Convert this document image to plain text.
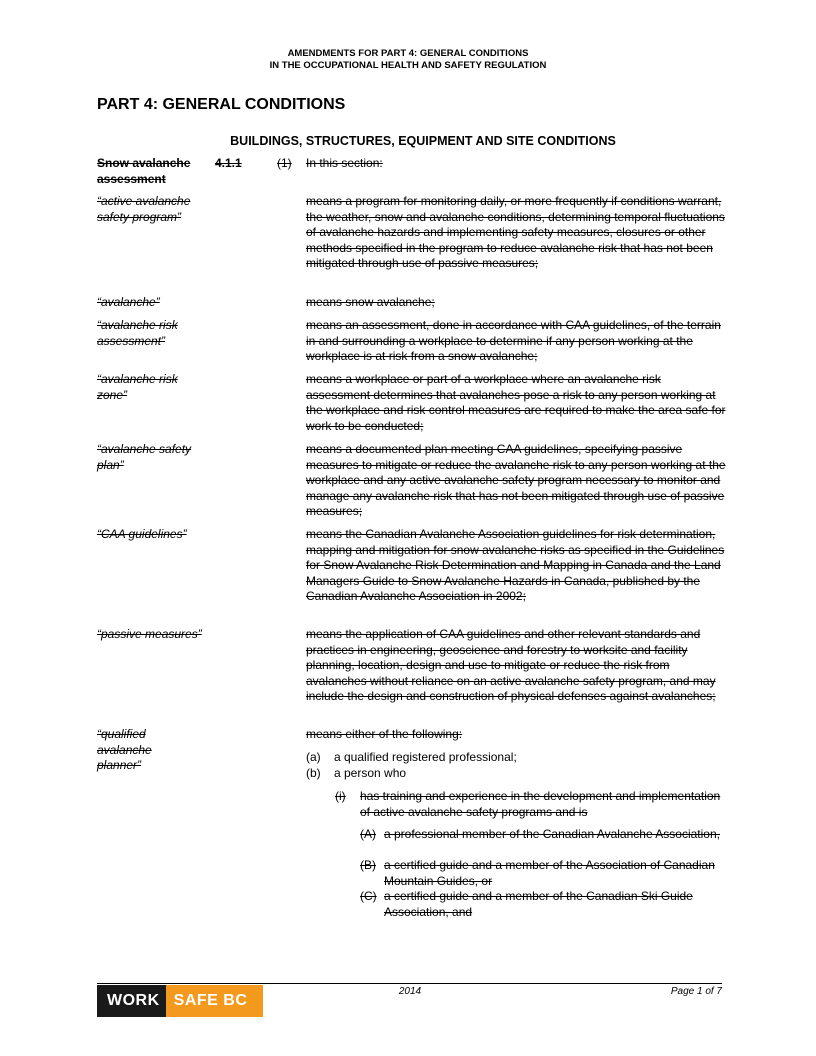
AMENDMENTS FOR PART 4: GENERAL CONDITIONS
IN THE OCCUPATIONAL HEALTH AND SAFETY REGULATION
PART 4: GENERAL CONDITIONS
BUILDINGS, STRUCTURES, EQUIPMENT AND SITE CONDITIONS
Snow avalanche assessment
4.1.1	(1) In this section:
“active avalanche safety program”
means a program for monitoring daily, or more frequently if conditions warrant, the weather, snow and avalanche conditions, determining temporal fluctuations of avalanche hazards and implementing safety measures, closures or other methods specified in the program to reduce avalanche risk that has not been mitigated through use of passive measures;
“avalanche”	means snow avalanche;
“avalanche risk assessment”
means an assessment, done in accordance with CAA guidelines, of the terrain in and surrounding a workplace to determine if any person working at the workplace is at risk from a snow avalanche;
“avalanche risk zone”
means a workplace or part of a workplace where an avalanche risk assessment determines that avalanches pose a risk to any person working at the workplace and risk control measures are required to make the area safe for work to be conducted;
“avalanche safety plan”
means a documented plan meeting CAA guidelines, specifying passive measures to mitigate or reduce the avalanche risk to any person working at the workplace and any active avalanche safety program necessary to monitor and manage any avalanche risk that has not been mitigated through use of passive measures;
“CAA guidelines”	means the Canadian Avalanche Association guidelines for risk determination, mapping and mitigation for snow avalanche risks as specified in the Guidelines for Snow Avalanche Risk Determination and Mapping in Canada and the Land Managers Guide to Snow Avalanche Hazards in Canada, published by the Canadian Avalanche Association in 2002;
“passive measures”	means the application of CAA guidelines and other relevant standards and practices in engineering, geoscience and forestry to worksite and facility planning, location, design and use to mitigate or reduce the risk from avalanches without reliance on an active avalanche safety program, and may include the design and construction of physical defenses against avalanches;
“qualified avalanche planner”
means either of the following:
(a) a qualified registered professional;
(b) a person who
(i) has training and experience in the development and implementation of active avalanche safety programs and is
(A) a professional member of the Canadian Avalanche Association,
(B) a certified guide and a member of the Association of Canadian Mountain Guides, or
(C) a certified guide and a member of the Canadian Ski Guide Association, and
WORK SAFE BC
2014	Page 1 of 7
